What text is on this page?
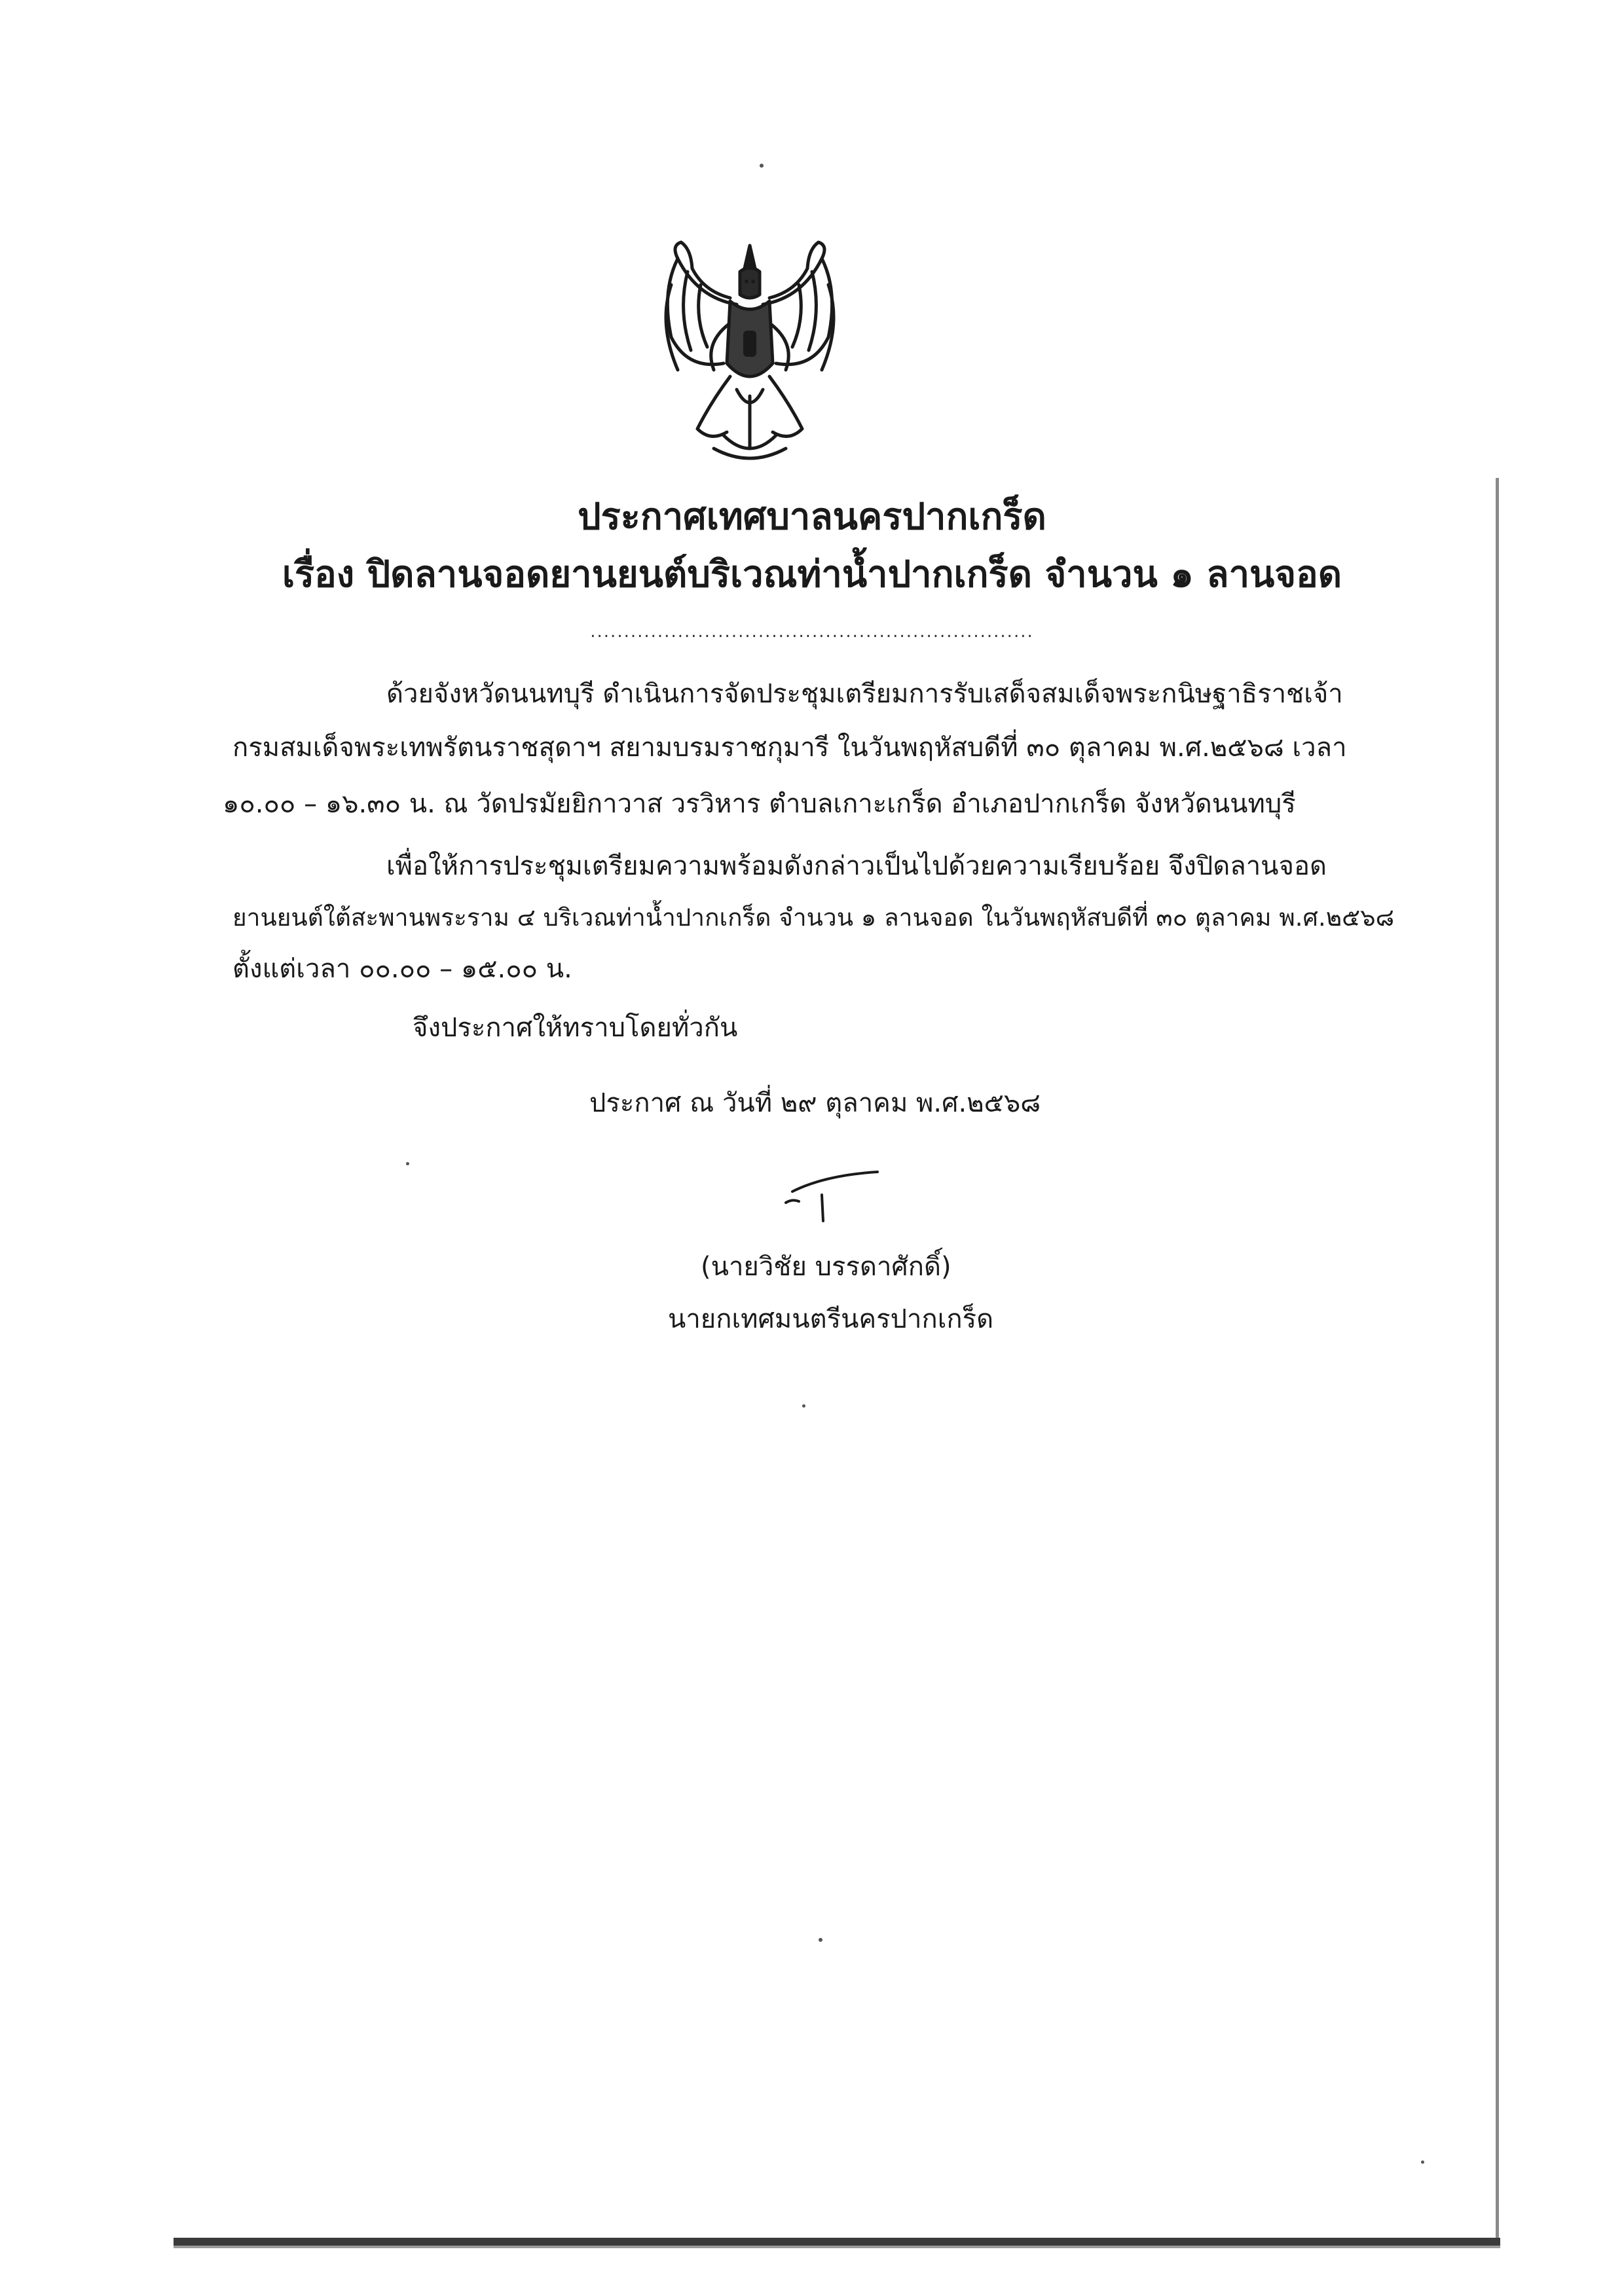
ประกาศเทศบาลนครปากเกร็ด
เรื่อง ปิดลานจอดยานยนต์บริเวณท่าน้ำปากเกร็ด จำนวน ๑ ลานจอด
..................................................................
ด้วยจังหวัดนนทบุรี ดำเนินการจัดประชุมเตรียมการรับเสด็จสมเด็จพระกนิษฐาธิราชเจ้า
กรมสมเด็จพระเทพรัตนราชสุดาฯ สยามบรมราชกุมารี ในวันพฤหัสบดีที่ ๓๐ ตุลาคม พ.ศ.๒๕๖๘ เวลา
๑๐.๐๐ – ๑๖.๓๐ น. ณ วัดปรมัยยิกาวาส วรวิหาร ตำบลเกาะเกร็ด อำเภอปากเกร็ด จังหวัดนนทบุรี
เพื่อให้การประชุมเตรียมความพร้อมดังกล่าวเป็นไปด้วยความเรียบร้อย จึงปิดลานจอด
ยานยนต์ใต้สะพานพระราม ๔ บริเวณท่าน้ำปากเกร็ด จำนวน ๑ ลานจอด ในวันพฤหัสบดีที่ ๓๐ ตุลาคม พ.ศ.๒๕๖๘
ตั้งแต่เวลา ๐๐.๐๐ – ๑๕.๐๐ น.
จึงประกาศให้ทราบโดยทั่วกัน
ประกาศ ณ วันที่ ๒๙ ตุลาคม พ.ศ.๒๕๖๘
(นายวิชัย บรรดาศักดิ์)
นายกเทศมนตรีนครปากเกร็ด
